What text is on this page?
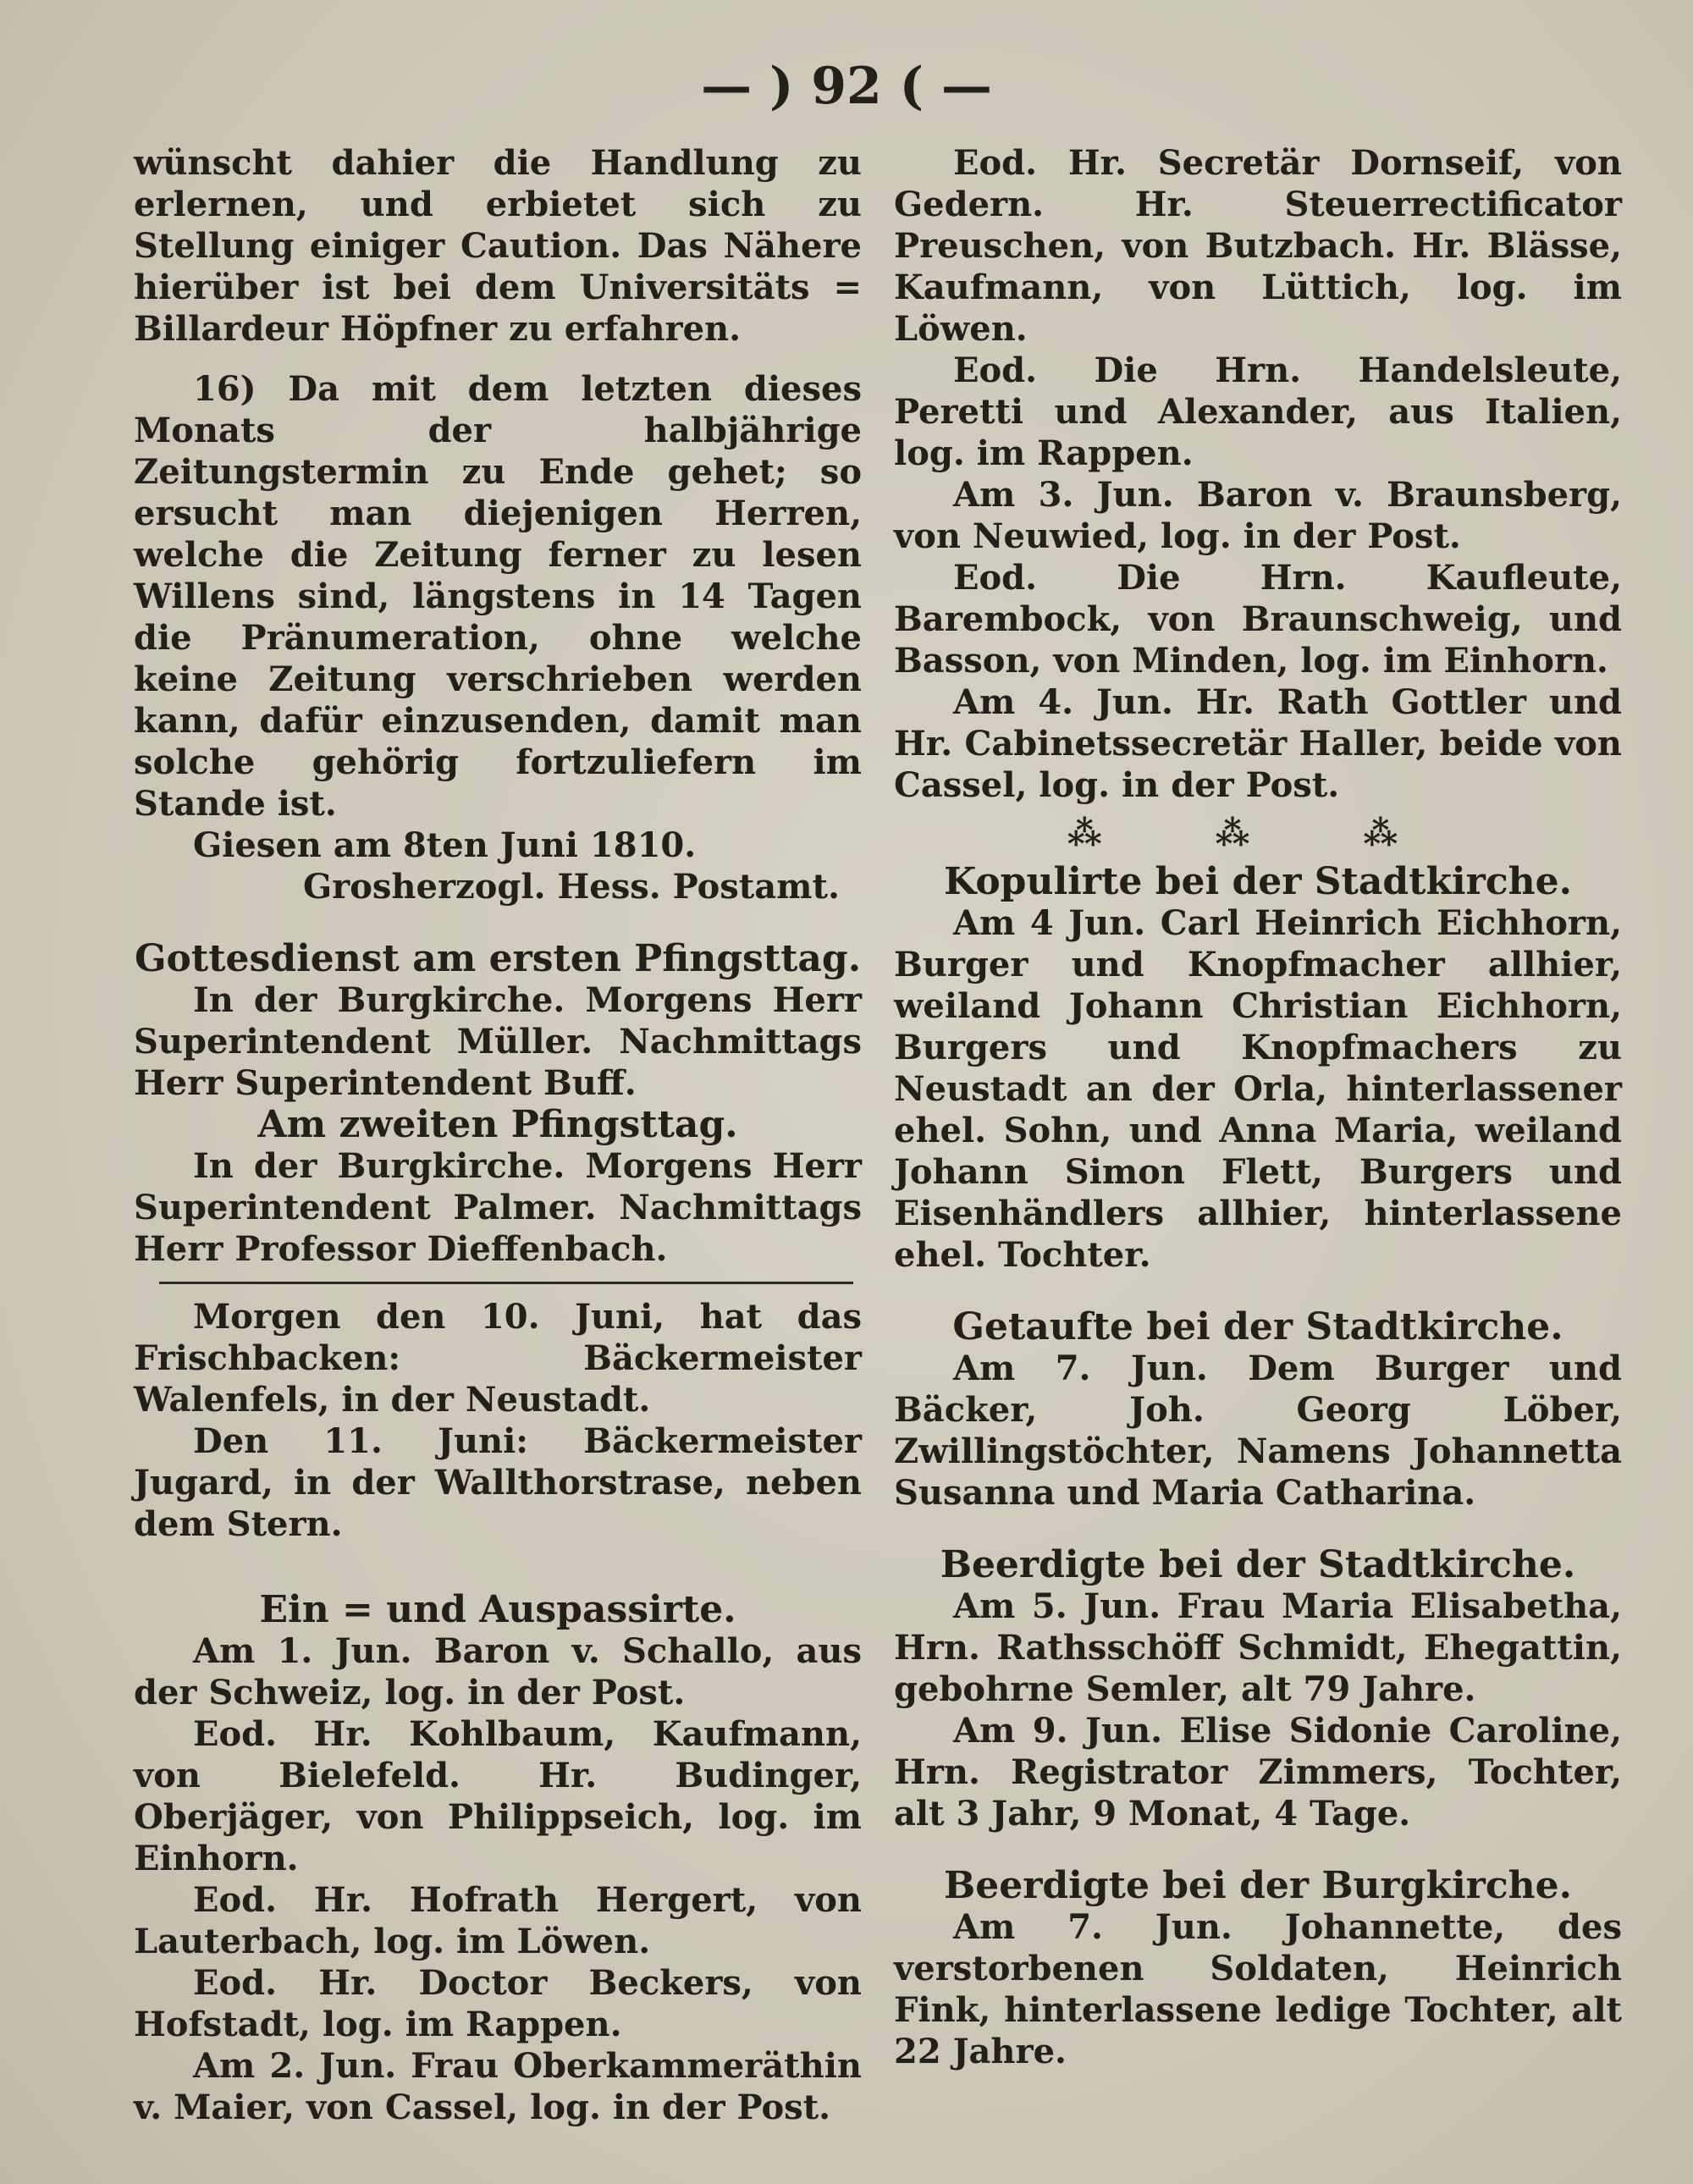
— ) 92 ( —

wünscht dahier die Handlung zu erlernen, und erbietet sich zu Stellung einiger Caution. Das Nähere hierüber ist bei dem Universitäts = Billardeur Höpfner zu erfahren.

16) Da mit dem letzten dieses Monats der halbjährige Zeitungstermin zu Ende gehet; so ersucht man diejenigen Herren, welche die Zeitung ferner zu lesen Willens sind, längstens in 14 Tagen die Pränumeration, ohne welche keine Zeitung verschrieben werden kann, dafür einzusenden, damit man solche gehörig fortzuliefern im Stande ist.

Giesen am 8ten Juni 1810.

Grosherzogl. Hess. Postamt.

Gottesdienst am ersten Pfingsttag.

In der Burgkirche. Morgens Herr Superintendent Müller. Nachmittags Herr Superintendent Buff.

Am zweiten Pfingsttag.

In der Burgkirche. Morgens Herr Superintendent Palmer. Nachmittags Herr Professor Dieffenbach.

Morgen den 10. Juni, hat das Frischbacken: Bäckermeister Walenfels, in der Neustadt.

Den 11. Juni: Bäckermeister Jugard, in der Wallthorstrase, neben dem Stern.

Ein = und Auspassirte.

Am 1. Jun. Baron v. Schallo, aus der Schweiz, log. in der Post.

Eod. Hr. Kohlbaum, Kaufmann, von Bielefeld. Hr. Budinger, Oberjäger, von Philippseich, log. im Einhorn.

Eod. Hr. Hofrath Hergert, von Lauterbach, log. im Löwen.

Eod. Hr. Doctor Beckers, von Hofstadt, log. im Rappen.

Am 2. Jun. Frau Oberkammeräthin v. Maier, von Cassel, log. in der Post.

Eod. Hr. Secretär Dornseif, von Gedern. Hr. Steuerrectificator Preuschen, von Butzbach. Hr. Blässe, Kaufmann, von Lüttich, log. im Löwen.

Eod. Die Hrn. Handelsleute, Peretti und Alexander, aus Italien, log. im Rappen.

Am 3. Jun. Baron v. Braunsberg, von Neuwied, log. in der Post.

Eod. Die Hrn. Kaufleute, Barembock, von Braunschweig, und Basson, von Minden, log. im Einhorn.

Am 4. Jun. Hr. Rath Gottler und Hr. Cabinetssecretär Haller, beide von Cassel, log. in der Post.

⁂ ⁂ ⁂

Kopulirte bei der Stadtkirche.

Am 4 Jun. Carl Heinrich Eichhorn, Burger und Knopfmacher allhier, weiland Johann Christian Eichhorn, Burgers und Knopfmachers zu Neustadt an der Orla, hinterlassener ehel. Sohn, und Anna Maria, weiland Johann Simon Flett, Burgers und Eisenhändlers allhier, hinterlassene ehel. Tochter.

Getaufte bei der Stadtkirche.

Am 7. Jun. Dem Burger und Bäcker, Joh. Georg Löber, Zwillingstöchter, Namens Johannetta Susanna und Maria Catharina.

Beerdigte bei der Stadtkirche.

Am 5. Jun. Frau Maria Elisabetha, Hrn. Rathsschöff Schmidt, Ehegattin, gebohrne Semler, alt 79 Jahre.

Am 9. Jun. Elise Sidonie Caroline, Hrn. Registrator Zimmers, Tochter, alt 3 Jahr, 9 Monat, 4 Tage.

Beerdigte bei der Burgkirche.

Am 7. Jun. Johannette, des verstorbenen Soldaten, Heinrich Fink, hinterlassene ledige Tochter, alt 22 Jahre.
